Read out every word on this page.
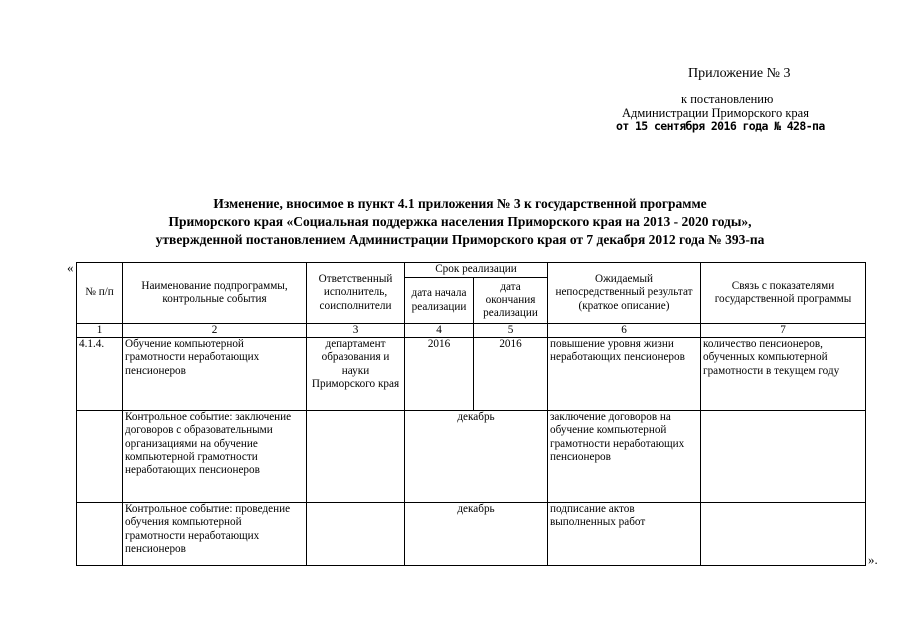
Приложение № 3
к постановлению
Администрации Приморского края
от 15 сентября 2016 года № 428-па
Изменение, вносимое в пункт 4.1 приложения № 3 к государственной программе
Приморского края «Социальная поддержка населения Приморского края на 2013 - 2020 годы»,
утвержденной постановлением Администрации Приморского края от 7 декабря 2012 года № 393-па
«
№ п/п	Наименование подпрограммы, контрольные события	Ответственный исполнитель, соисполнители	Срок реализации		Ожидаемый непосредственный результат (краткое описание)	Связь с показателями государственной программы
			дата начала реализации	дата окончания реализации		
1	2	3	4	5	6	7
4.1.4.	Обучение компьютерной грамотности неработающих пенсионеров	департамент образования и науки Приморского края	2016	2016	повышение уровня жизни неработающих пенсионеров	количество пенсионеров, обученных компьютерной грамотности в текущем году
	Контрольное событие: заключение договоров с образовательными организациями на обучение компьютерной грамотности неработающих пенсионеров		декабрь		заключение договоров на обучение компьютерной грамотности неработающих пенсионеров	
	Контрольное событие: проведение обучения компьютерной грамотности неработающих пенсионеров		декабрь		подписание актов выполненных работ	
».
